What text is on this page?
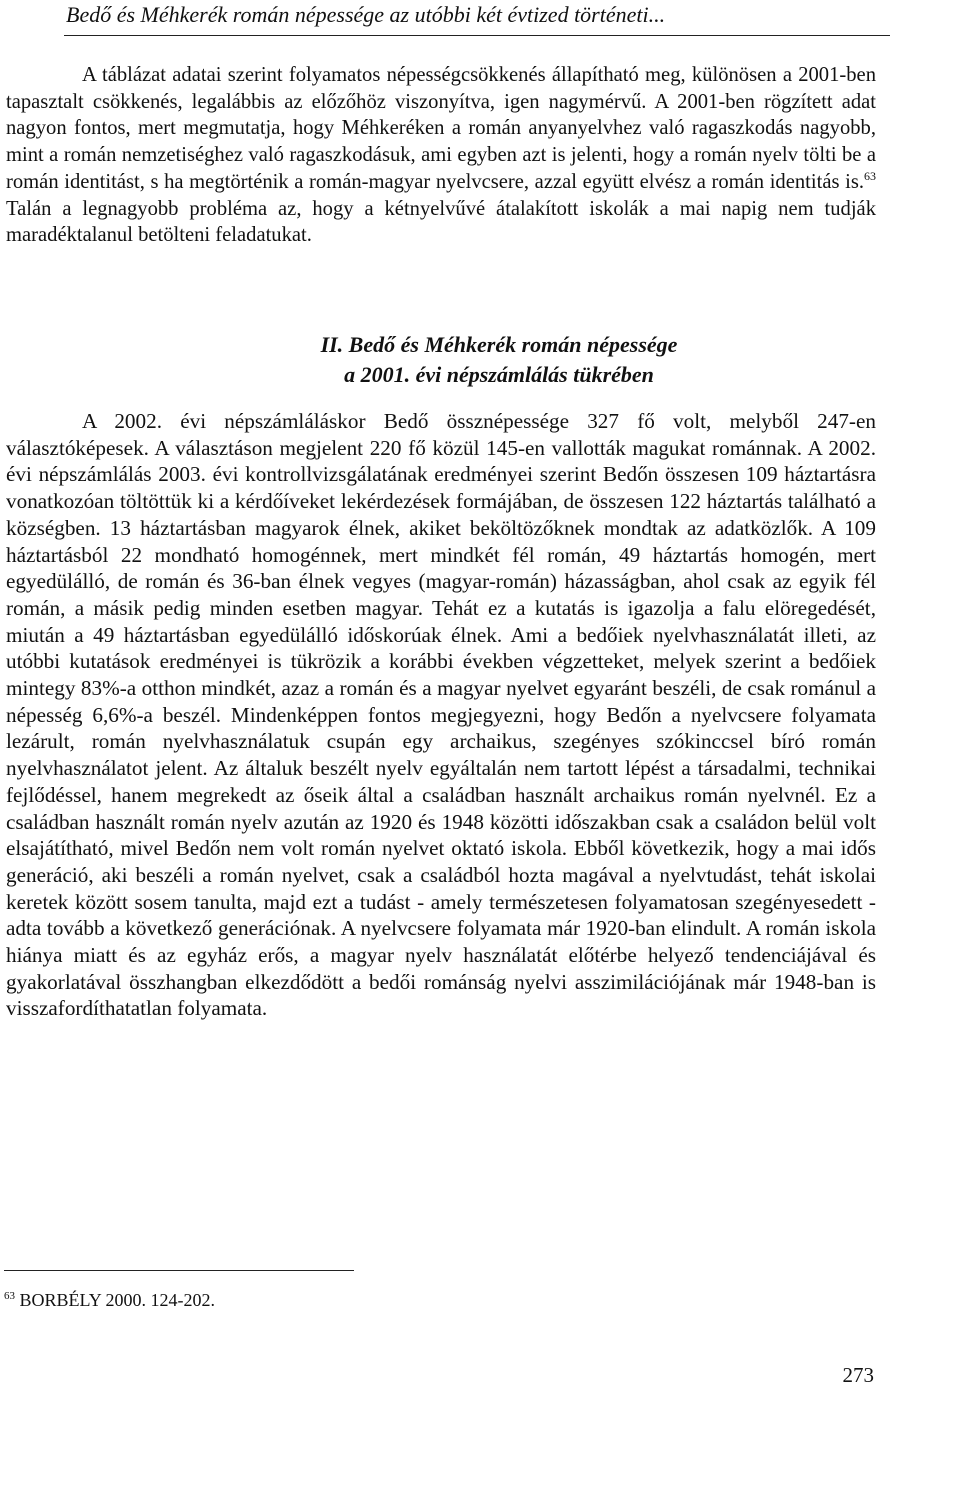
Bedő és Méhkerék román népessége az utóbbi két évtized történeti...

A táblázat adatai szerint folyamatos népességcsökkenés állapítható meg, különösen a 2001-ben tapasztalt csökkenés, legalábbis az előzőhöz viszonyítva, igen nagymérvű. A 2001-ben rögzített adat nagyon fontos, mert megmutatja, hogy Méhkeréken a román anyanyelvhez való ragaszkodás nagyobb, mint a román nemzetiséghez való ragaszkodásuk, ami egyben azt is jelenti, hogy a román nyelv tölti be a román identitást, s ha megtörténik a román-magyar nyelvcsere, azzal együtt elvész a román identitás is.$^{63}$ Talán a legnagyobb probléma az, hogy a kétnyelvűvé átalakított iskolák a mai napig nem tudják maradéktalanul betölteni feladatukat.

II. Bedő és Méhkerék román népessége
a 2001. évi népszámlálás tükrében

A 2002. évi népszámláláskor Bedő össznépessége 327 fő volt, melyből 247-en választóképesek. A választáson megjelent 220 fő közül 145-en vallották magukat románnak. A 2002. évi népszámlálás 2003. évi kontrollvizsgálatának eredményei szerint Bedőn összesen 109 háztartásra vonatkozóan töltöttük ki a kérdőíveket lekérdezések formájában, de összesen 122 háztartás található a községben. 13 háztartásban magyarok élnek, akiket beköltözőknek mondtak az adatközlők. A 109 háztartásból 22 mondható homogénnek, mert mindkét fél román, 49 háztartás homogén, mert egyedülálló, de román és 36-ban élnek vegyes (magyar-román) házasságban, ahol csak az egyik fél román, a másik pedig minden esetben magyar. Tehát ez a kutatás is igazolja a falu elöregedését, miután a 49 háztartásban egyedülálló időskorúak élnek. Ami a bedőiek nyelvhasználatát illeti, az utóbbi kutatások eredményei is tükrözik a korábbi években végzetteket, melyek szerint a bedőiek mintegy 83%-a otthon mindkét, azaz a román és a magyar nyelvet egyaránt beszéli, de csak románul a népesség 6,6%-a beszél. Mindenképpen fontos megjegyezni, hogy Bedőn a nyelvcsere folyamata lezárult, román nyelvhasználatuk csupán egy archaikus, szegényes szókinccsel bíró román nyelvhasználatot jelent. Az általuk beszélt nyelv egyáltalán nem tartott lépést a társadalmi, technikai fejlődéssel, hanem megrekedt az őseik által a családban használt archaikus román nyelvnél. Ez a családban használt román nyelv azután az 1920 és 1948 közötti időszakban csak a családon belül volt elsajátítható, mivel Bedőn nem volt román nyelvet oktató iskola. Ebből következik, hogy a mai idős generáció, aki beszéli a román nyelvet, csak a családból hozta magával a nyelvtudást, tehát iskolai keretek között sosem tanulta, majd ezt a tudást - amely természetesen folyamatosan szegényesedett - adta tovább a következő generációnak. A nyelvcsere folyamata már 1920-ban elindult. A román iskola hiánya miatt és az egyház erős, a magyar nyelv használatát előtérbe helyező tendenciájával és gyakorlatával összhangban elkezdődött a bedői románság nyelvi asszimilációjának már 1948-ban is visszafordíthatatlan folyamata.

$^{63}$ BORBÉLY 2000. 124-202.
273
